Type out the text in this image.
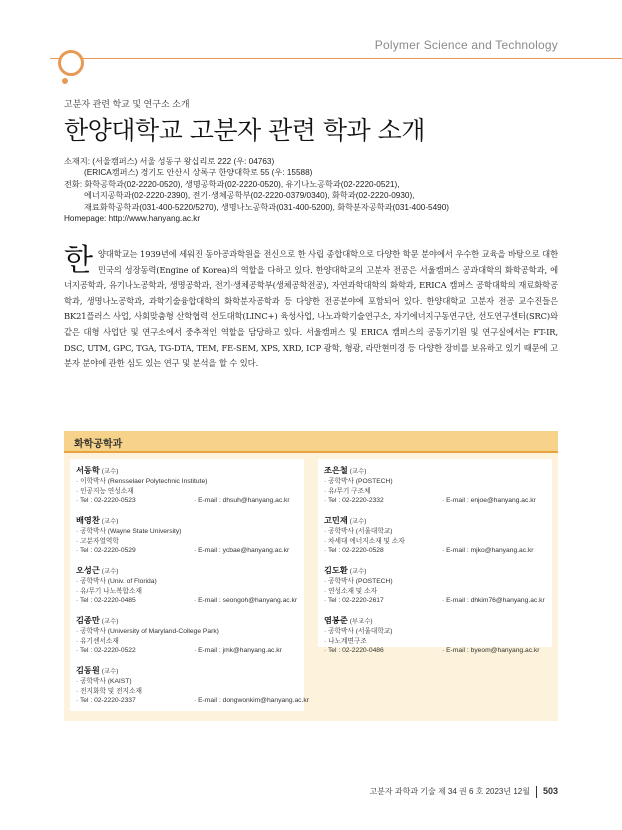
Polymer Science and Technology
고분자 관련 학교 및 연구소 소개
한양대학교 고분자 관련 학과 소개
소재지: (서울캠퍼스) 서울 성동구 왕십리로 222 (우: 04763)
(ERICA캠퍼스) 경기도 안산시 상록구 한양대학로 55 (우: 15588)
전화: 화학공학과(02-2220-0520), 생명공학과(02-2220-0520), 유기나노공학과(02-2220-0521),
에너지공학과(02-2220-2390), 전기·생체공학부(02-2220-0379/0340), 화학과(02-2220-0930),
재료화학공학과(031-400-5220/5270), 생명나노공학과(031-400-5200), 화학분자공학과(031-400-5490)
Homepage: http://www.hanyang.ac.kr
한양대학교는 1939년에 세워진 동아공과학원을 전신으로 한 사립 종합대학으로 다양한 학문 분야에서 우수한 교육을 바탕으로 대한민국의 성장동력(Engine of Korea)의 역할을 다하고 있다. 한양대학교의 고분자 전공은 서울캠퍼스 공과대학의 화학공학과, 에너지공학과, 유기나노공학과, 생명공학과, 전기·생체공학부(생체공학전공), 자연과학대학의 화학과, ERICA 캠퍼스 공학대학의 재료화학공학과, 생명나노공학과, 과학기술융합대학의 화학분자공학과 등 다양한 전공분야에 포함되어 있다. 한양대학교 고분자 전공 교수진들은 BK21플러스 사업, 사회맞춤형 산학협력 선도대학(LINC+) 육성사업, 나노과학기술연구소, 자기에너지구동연구단, 선도연구센터(SRC)와 같은 대형 사업단 및 연구소에서 중추적인 역할을 담당하고 있다. 서울캠퍼스 및 ERICA 캠퍼스의 공동기기원 및 연구실에서는 FT-IR, DSC, UTM, GPC, TGA, TG-DTA, TEM, FE-SEM, XPS, XRD, ICP 광학, 형광, 라만현미경 등 다양한 장비를 보유하고 있기 때문에 고분자 분야에 관한 심도 있는 연구 및 분석을 할 수 있다.
화학공학과
서동학 (교수)
· 이학박사 (Rensselaer Polytechnic Institute)
· 인공지능 연성소재
· Tel : 02-2220-0523	· E-mail : dhsuh@hanyang.ac.kr
배영찬 (교수)
· 공학박사 (Wayne State University)
· 고분자열역학
· Tel : 02-2220-0529	· E-mail : ycbae@hanyang.ac.kr
오성근 (교수)
· 공학박사 (Univ. of Florida)
· 유/무기 나노복합소재
· Tel : 02-2220-0485	· E-mail : seongoh@hanyang.ac.kr
김종만 (교수)
· 공학박사 (University of Maryland-College Park)
· 유기센서소재
· Tel : 02-2220-0522	· E-mail : jmk@hanyang.ac.kr
김동원 (교수)
· 공학박사 (KAIST)
· 전지화학 및 전지소재
· Tel : 02-2220-2337	· E-mail : dongwonkim@hanyang.ac.kr
조은철 (교수)
· 공학박사 (POSTECH)
· 유/무기 구조체
· Tel : 02-2220-2332	· E-mail : enjoe@hanyang.ac.kr
고민재 (교수)
· 공학박사 (서울대학교)
· 차세대 에너지소재 및 소자
· Tel : 02-2220-0528	· E-mail : mjko@hanyang.ac.kr
김도환 (교수)
· 공학박사 (POSTECH)
· 연성소재 및 소자
· Tel : 02-2220-2617	· E-mail : dhkim76@hanyang.ac.kr
염봉준 (부교수)
· 공학박사 (서울대학교)
· 나노계면구조
· Tel : 02-2220-0486	· E-mail : byeom@hanyang.ac.kr
고분자 과학과 기술 제 34 권 6 호 2023년 12월 503
